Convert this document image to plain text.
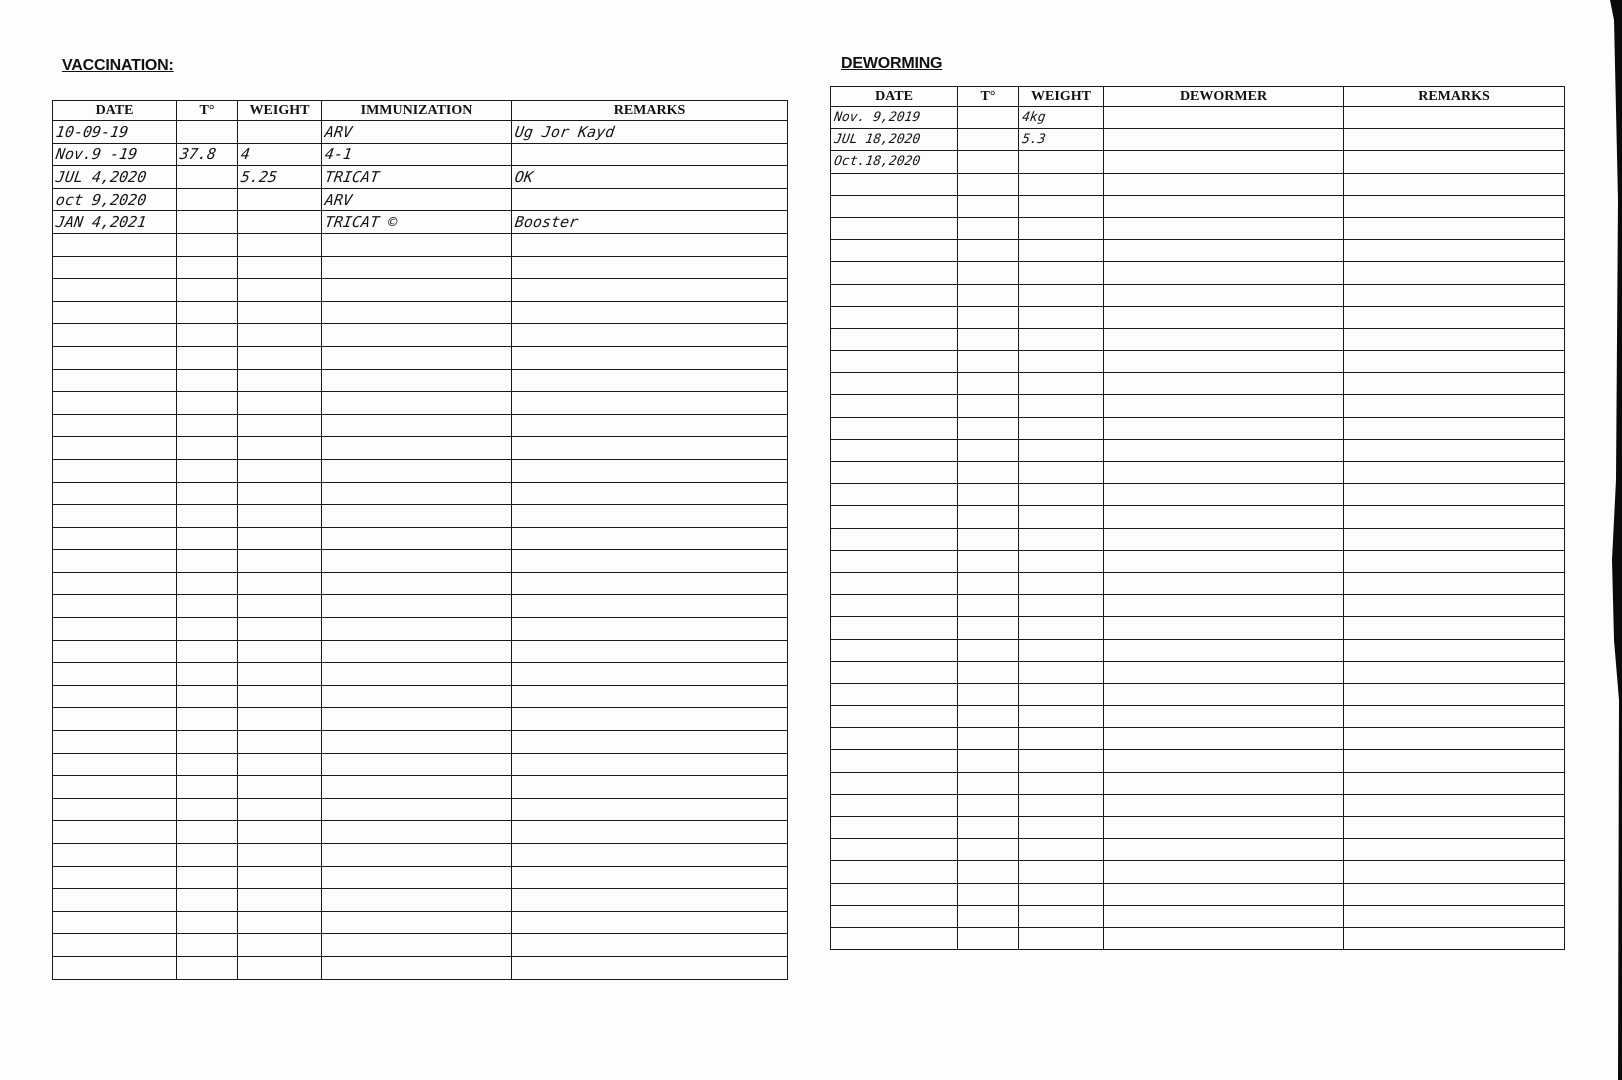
VACCINATION:
DATE	T°	WEIGHT	IMMUNIZATION	REMARKS
10-09-19			ARV	Ug Jor Kayd
Nov.9 -19	37.8	4	4-1	
JUL 4,2020		5.25	TRICAT	OK
oct 9,2020			ARV	
JAN 4,2021			TRICAT ©	Booster

DEWORMING
DATE	T°	WEIGHT	DEWORMER	REMARKS
Nov. 9,2019		4kg		
JUL 18,2020		5.3		
Oct.18,2020				
